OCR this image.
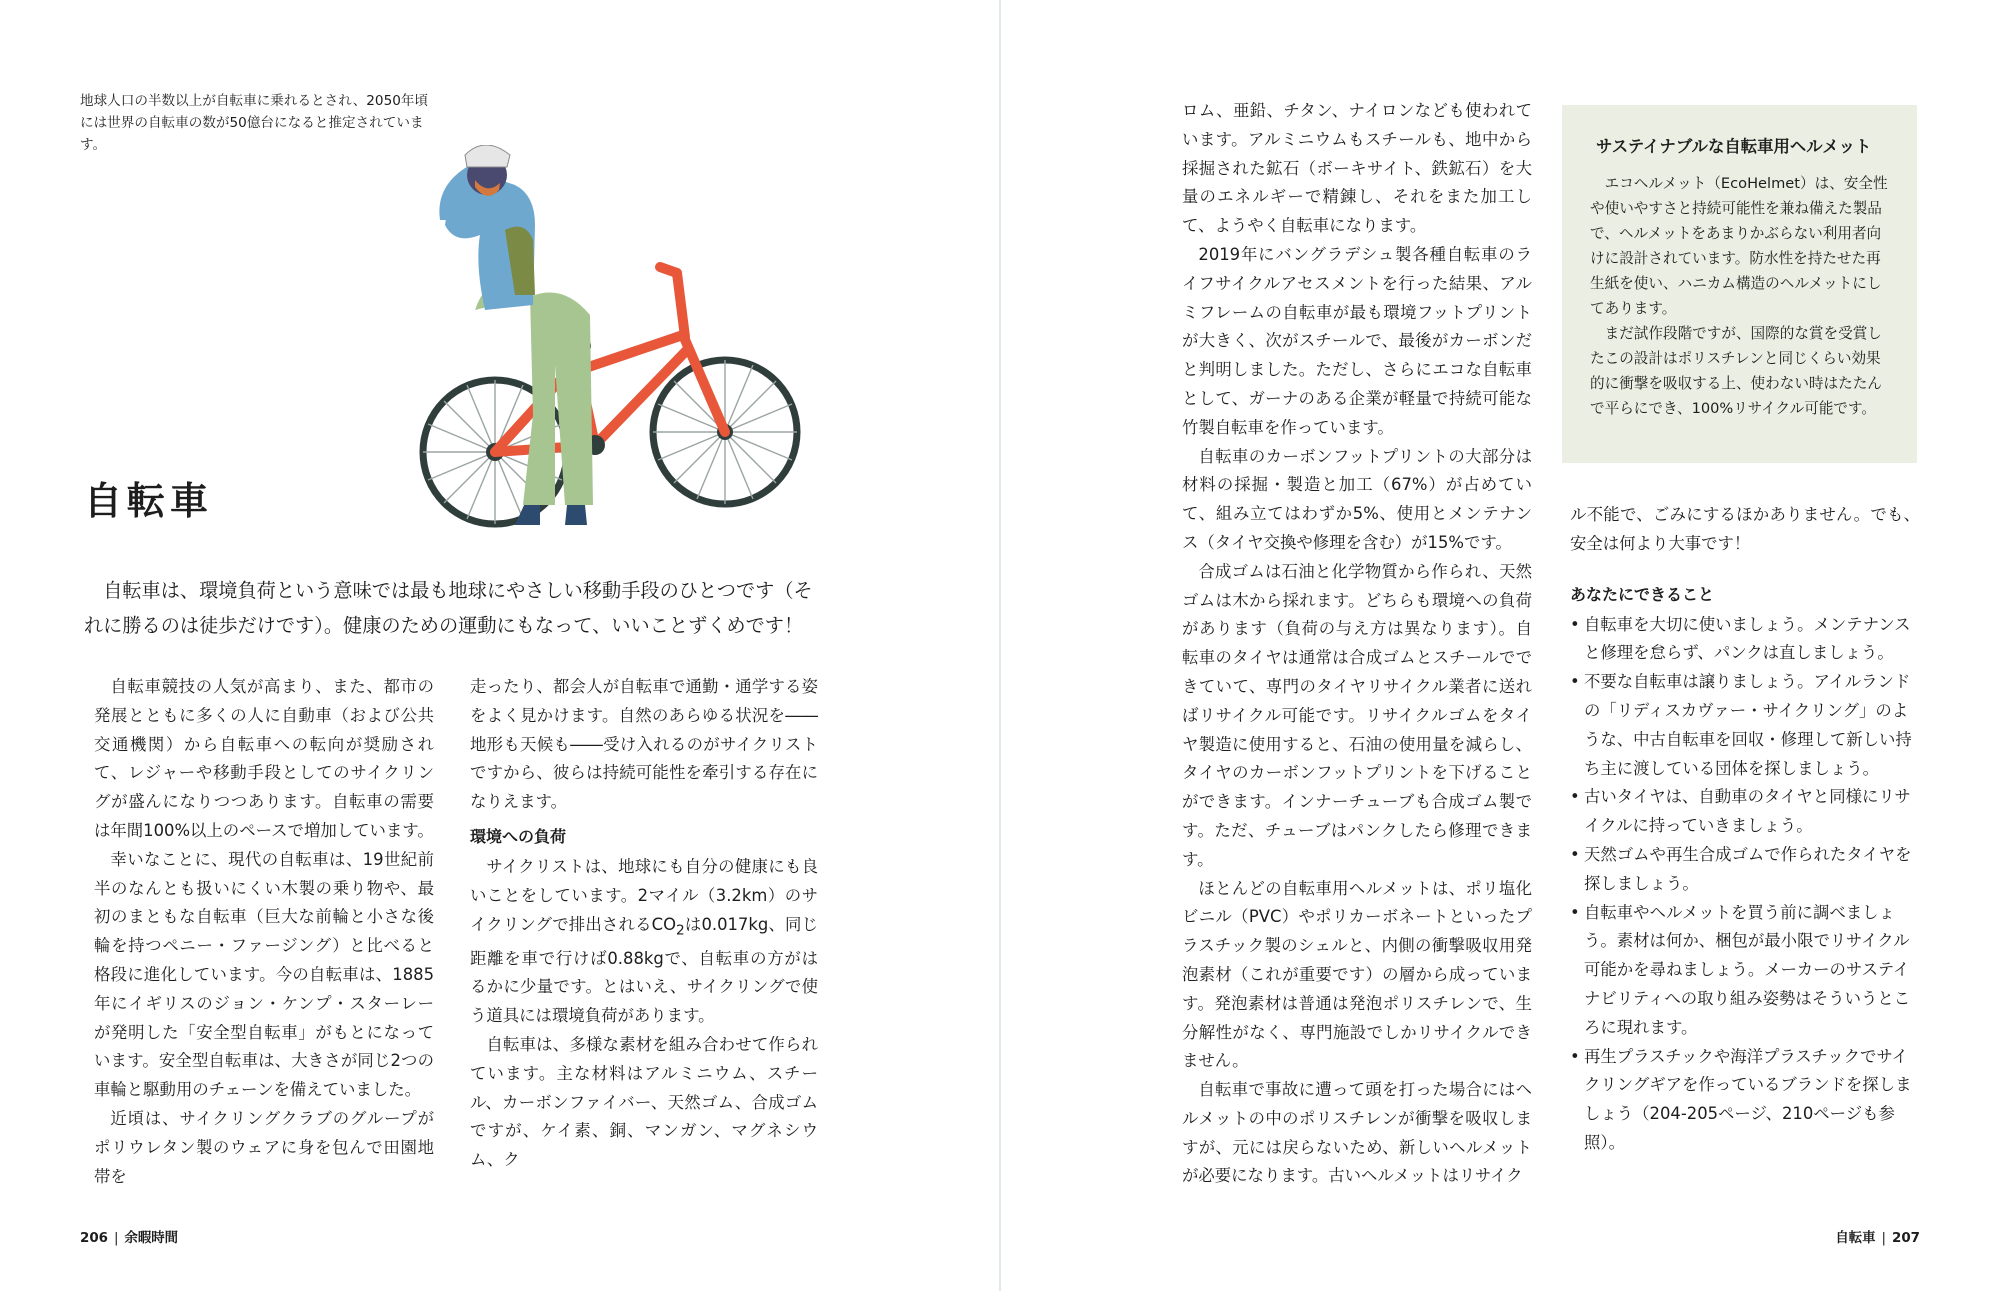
地球人口の半数以上が自転車に乗れるとされ、2050年頃には世界の自転車の数が50億台になると推定されています。
自転車

自転車は、環境負荷という意味では最も地球にやさしい移動手段のひとつです（それに勝るのは徒歩だけです）。健康のための運動にもなって、いいことずくめです！

自転車競技の人気が高まり、また、都市の発展とともに多くの人に自動車（および公共交通機関）から自転車への転向が奨励されて、レジャーや移動手段としてのサイクリングが盛んになりつつあります。自転車の需要は年間100%以上のペースで増加しています。

幸いなことに、現代の自転車は、19世紀前半のなんとも扱いにくい木製の乗り物や、最初のまともな自転車（巨大な前輪と小さな後輪を持つペニー・ファージング）と比べると格段に進化しています。今の自転車は、1885年にイギリスのジョン・ケンプ・スターレーが発明した「安全型自転車」がもとになっています。安全型自転車は、大きさが同じ2つの車輪と駆動用のチェーンを備えていました。

近頃は、サイクリングクラブのグループがポリウレタン製のウェアに身を包んで田園地帯を

走ったり、都会人が自転車で通勤・通学する姿をよく見かけます。自然のあらゆる状況を――地形も天候も――受け入れるのがサイクリストですから、彼らは持続可能性を牽引する存在になりえます。

環境への負荷

サイクリストは、地球にも自分の健康にも良いことをしています。2マイル（3.2km）のサイクリングで排出される$CO_2$は0.017kg、同じ距離を車で行けば0.88kgで、自転車の方がはるかに少量です。とはいえ、サイクリングで使う道具には環境負荷があります。

自転車は、多様な素材を組み合わせて作られています。主な材料はアルミニウム、スチール、カーボンファイバー、天然ゴム、合成ゴムですが、ケイ素、銅、マンガン、マグネシウム、ク

206 | 余暇時間

ロム、亜鉛、チタン、ナイロンなども使われています。アルミニウムもスチールも、地中から採掘された鉱石（ボーキサイト、鉄鉱石）を大量のエネルギーで精錬し、それをまた加工して、ようやく自転車になります。

2019年にバングラデシュ製各種自転車のライフサイクルアセスメントを行った結果、アルミフレームの自転車が最も環境フットプリントが大きく、次がスチールで、最後がカーボンだと判明しました。ただし、さらにエコな自転車として、ガーナのある企業が軽量で持続可能な竹製自転車を作っています。

自転車のカーボンフットプリントの大部分は材料の採掘・製造と加工（67%）が占めていて、組み立てはわずか5%、使用とメンテナンス（タイヤ交換や修理を含む）が15%です。

合成ゴムは石油と化学物質から作られ、天然ゴムは木から採れます。どちらも環境への負荷があります（負荷の与え方は異なります）。自転車のタイヤは通常は合成ゴムとスチールでできていて、専門のタイヤリサイクル業者に送ればリサイクル可能です。リサイクルゴムをタイヤ製造に使用すると、石油の使用量を減らし、タイヤのカーボンフットプリントを下げることができます。インナーチューブも合成ゴム製です。ただ、チューブはパンクしたら修理できます。

ほとんどの自転車用ヘルメットは、ポリ塩化ビニル（PVC）やポリカーボネートといったプラスチック製のシェルと、内側の衝撃吸収用発泡素材（これが重要です）の層から成っています。発泡素材は普通は発泡ポリスチレンで、生分解性がなく、専門施設でしかリサイクルできません。

自転車で事故に遭って頭を打った場合にはヘルメットの中のポリスチレンが衝撃を吸収しますが、元には戻らないため、新しいヘルメットが必要になります。古いヘルメットはリサイク

サステイナブルな自転車用ヘルメット

エコヘルメット（EcoHelmet）は、安全性や使いやすさと持続可能性を兼ね備えた製品で、ヘルメットをあまりかぶらない利用者向けに設計されています。防水性を持たせた再生紙を使い、ハニカム構造のヘルメットにしてあります。

まだ試作段階ですが、国際的な賞を受賞したこの設計はポリスチレンと同じくらい効果的に衝撃を吸収する上、使わない時はたたんで平らにでき、100%リサイクル可能です。

ル不能で、ごみにするほかありません。でも、安全は何より大事です！

あなたにできること
• 自転車を大切に使いましょう。メンテナンスと修理を怠らず、パンクは直しましょう。
• 不要な自転車は譲りましょう。アイルランドの「リディスカヴァー・サイクリング」のような、中古自転車を回収・修理して新しい持ち主に渡している団体を探しましょう。
• 古いタイヤは、自動車のタイヤと同様にリサイクルに持っていきましょう。
• 天然ゴムや再生合成ゴムで作られたタイヤを探しましょう。
• 自転車やヘルメットを買う前に調べましょう。素材は何か、梱包が最小限でリサイクル可能かを尋ねましょう。メーカーのサステイナビリティへの取り組み姿勢はそういうところに現れます。
• 再生プラスチックや海洋プラスチックでサイクリングギアを作っているブランドを探しましょう（204-205ページ、210ページも参照）。
自転車 | 207
